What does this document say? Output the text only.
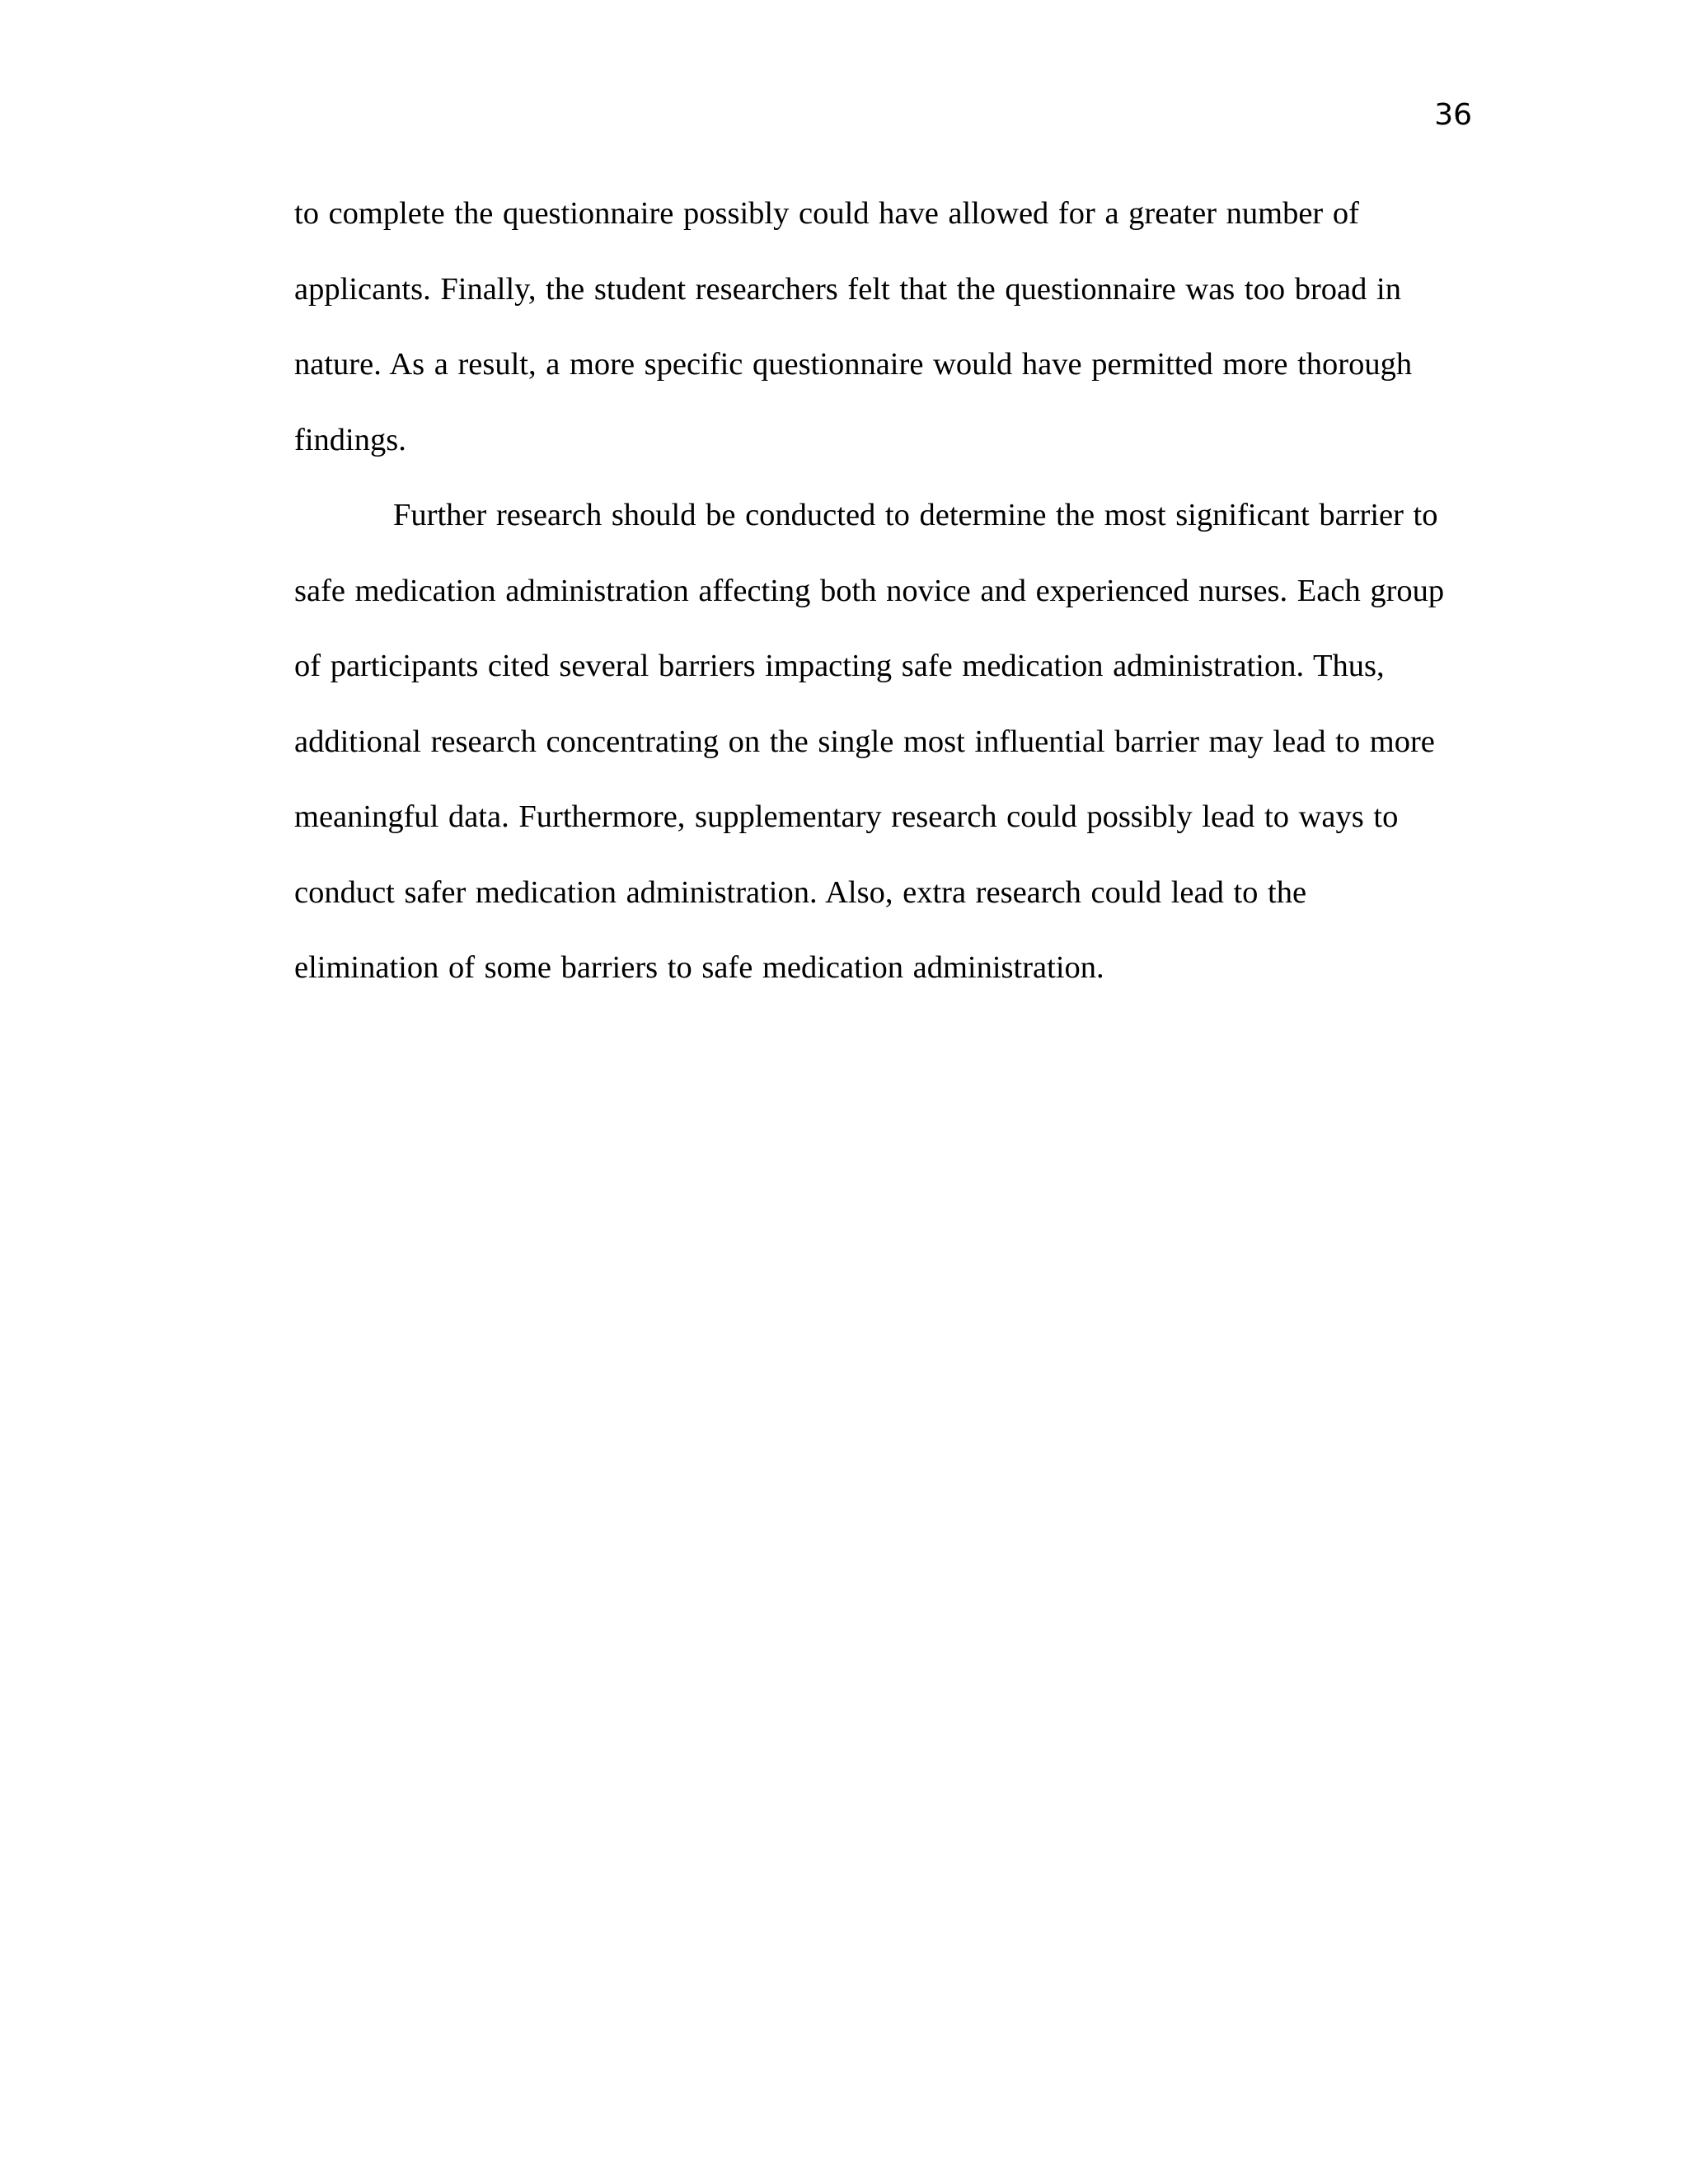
36
to complete the questionnaire possibly could have allowed for a greater number of
applicants. Finally, the student researchers felt that the questionnaire was too broad in
nature. As a result, a more specific questionnaire would have permitted more thorough
findings.
Further research should be conducted to determine the most significant barrier to
safe medication administration affecting both novice and experienced nurses. Each group
of participants cited several barriers impacting safe medication administration. Thus,
additional research concentrating on the single most influential barrier may lead to more
meaningful data. Furthermore, supplementary research could possibly lead to ways to
conduct safer medication administration. Also, extra research could lead to the
elimination of some barriers to safe medication administration.
